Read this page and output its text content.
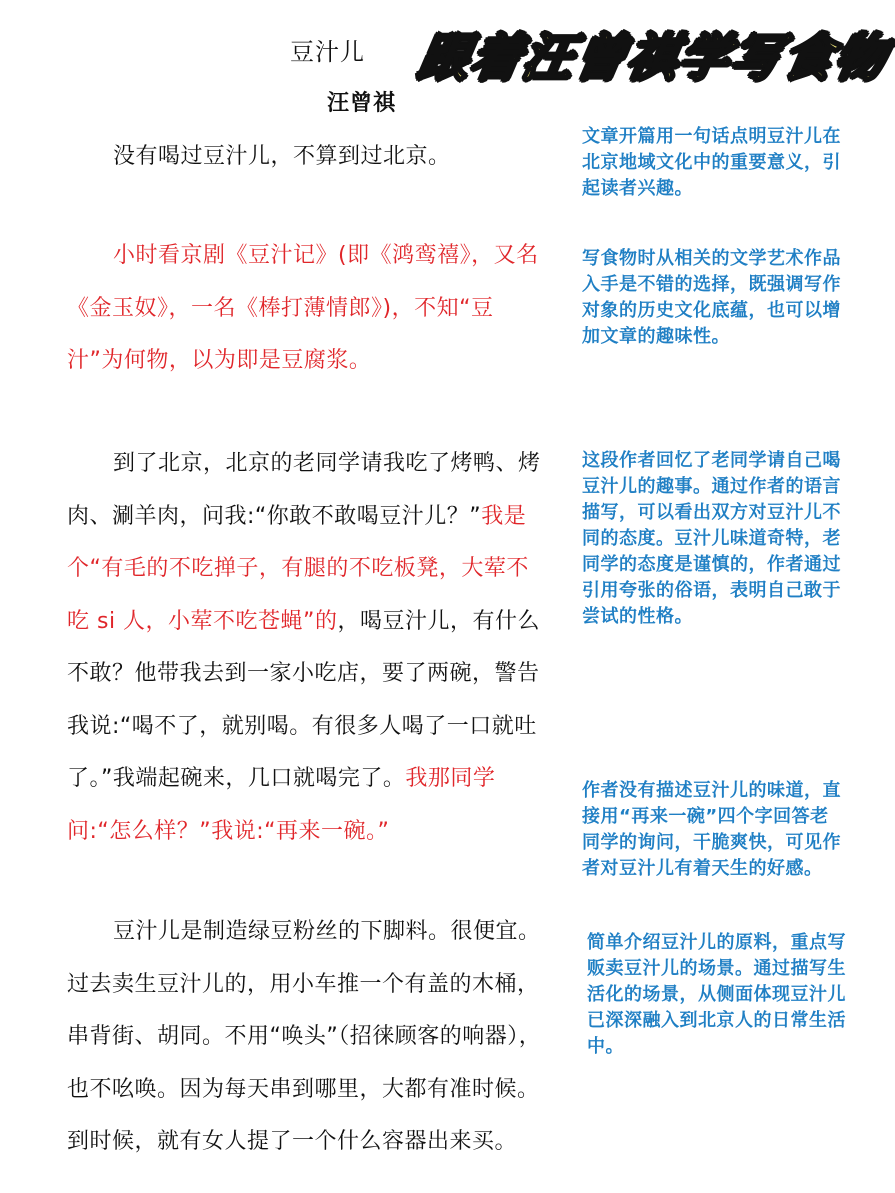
豆汁儿 跟着汪曾祺学写食物
汪曾祺
没有喝过豆汁儿，不算到过北京。
小时看京剧《豆汁记》(即《鸿鸾禧》，又名《金玉奴》，一名《棒打薄情郎》)，不知“豆汁”为何物，以为即是豆腐浆。
到了北京，北京的老同学请我吃了烤鸭、烤肉、涮羊肉，问我:“你敢不敢喝豆汁儿？”我是个“有毛的不吃掸子，有腿的不吃板凳，大荤不吃 si 人，小荤不吃苍蝇”的，喝豆汁儿，有什么不敢？他带我去到一家小吃店，要了两碗，警告我说:“喝不了，就别喝。有很多人喝了一口就吐了。”我端起碗来，几口就喝完了。我那同学问:“怎么样？”我说:“再来一碗。”
豆汁儿是制造绿豆粉丝的下脚料。很便宜。过去卖生豆汁儿的，用小车推一个有盖的木桶，串背街、胡同。不用“唤头”（招徕顾客的响器），也不吆唤。因为每天串到哪里，大都有准时候。到时候，就有女人提了一个什么容器出来买。
文章开篇用一句话点明豆汁儿在北京地域文化中的重要意义，引起读者兴趣。
写食物时从相关的文学艺术作品入手是不错的选择，既强调写作对象的历史文化底蕴，也可以增加文章的趣味性。
这段作者回忆了老同学请自己喝豆汁儿的趣事。通过作者的语言描写，可以看出双方对豆汁儿不同的态度。豆汁儿味道奇特，老同学的态度是谨慎的，作者通过引用夸张的俗语，表明自己敢于尝试的性格。
作者没有描述豆汁儿的味道，直接用“再来一碗”四个字回答老同学的询问，干脆爽快，可见作者对豆汁儿有着天生的好感。
简单介绍豆汁儿的原料，重点写贩卖豆汁儿的场景。通过描写生活化的场景，从侧面体现豆汁儿已深深融入到北京人的日常生活中。
